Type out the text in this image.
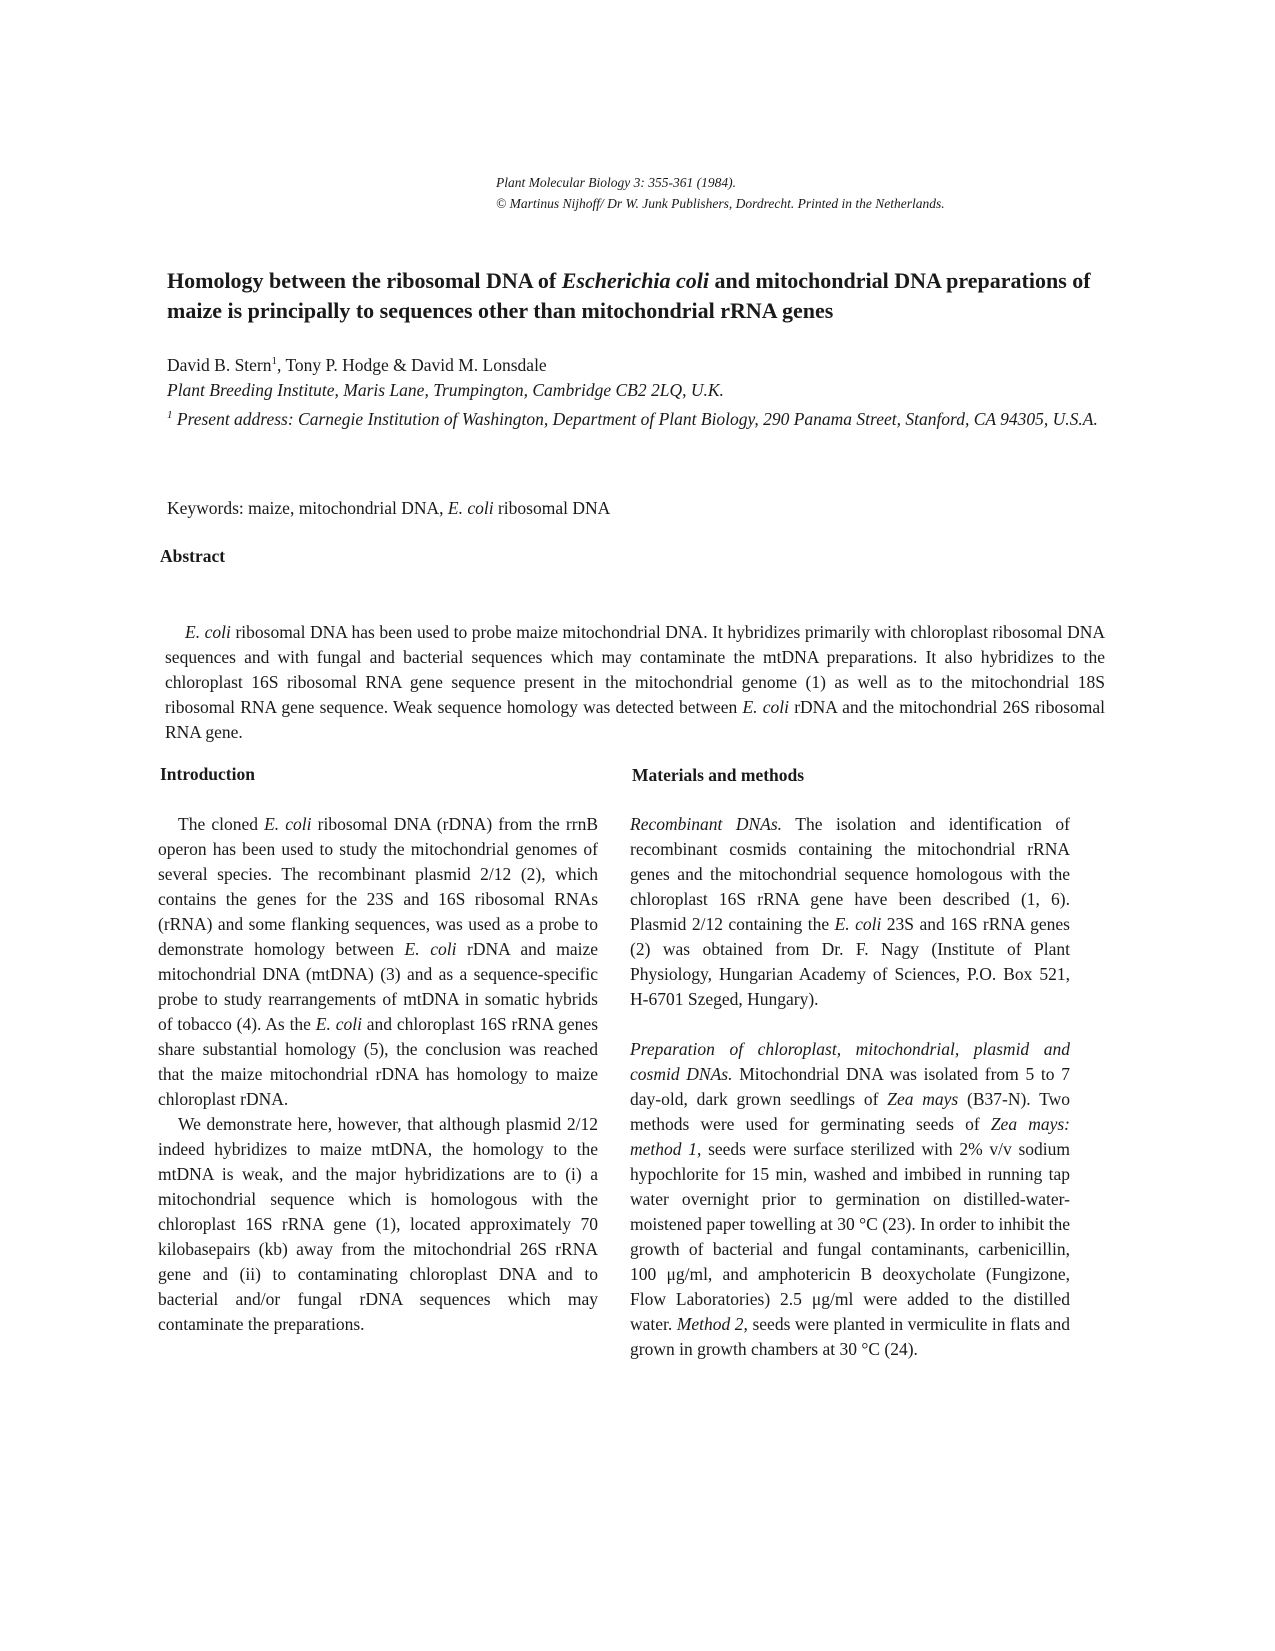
Plant Molecular Biology 3: 355-361 (1984).
© Martinus Nijhoff/ Dr W. Junk Publishers, Dordrecht. Printed in the Netherlands.
Homology between the ribosomal DNA of Escherichia coli and mitochondrial DNA preparations of maize is principally to sequences other than mitochondrial rRNA genes
David B. Stern$^1$, Tony P. Hodge & David M. Lonsdale
Plant Breeding Institute, Maris Lane, Trumpington, Cambridge CB2 2LQ, U.K.
$^1$ Present address: Carnegie Institution of Washington, Department of Plant Biology, 290 Panama Street, Stanford, CA 94305, U.S.A.
Keywords: maize, mitochondrial DNA, E. coli ribosomal DNA
Abstract

E. coli ribosomal DNA has been used to probe maize mitochondrial DNA. It hybridizes primarily with chloroplast ribosomal DNA sequences and with fungal and bacterial sequences which may contaminate the mtDNA preparations. It also hybridizes to the chloroplast 16S ribosomal RNA gene sequence present in the mitochondrial genome (1) as well as to the mitochondrial 18S ribosomal RNA gene sequence. Weak sequence homology was detected between E. coli rDNA and the mitochondrial 26S ribosomal RNA gene.

Introduction

The cloned E. coli ribosomal DNA (rDNA) from the rrnB operon has been used to study the mitochondrial genomes of several species. The recombinant plasmid 2/12 (2), which contains the genes for the 23S and 16S ribosomal RNAs (rRNA) and some flanking sequences, was used as a probe to demonstrate homology between E. coli rDNA and maize mitochondrial DNA (mtDNA) (3) and as a sequence-specific probe to study rearrangements of mtDNA in somatic hybrids of tobacco (4). As the E. coli and chloroplast 16S rRNA genes share substantial homology (5), the conclusion was reached that the maize mitochondrial rDNA has homology to maize chloroplast rDNA.

We demonstrate here, however, that although plasmid 2/12 indeed hybridizes to maize mtDNA, the homology to the mtDNA is weak, and the major hybridizations are to (i) a mitochondrial sequence which is homologous with the chloroplast 16S rRNA gene (1), located approximately 70 kilobasepairs (kb) away from the mitochondrial 26S rRNA gene and (ii) to contaminating chloroplast DNA and to bacterial and/or fungal rDNA sequences which may contaminate the preparations.

Materials and methods

Recombinant DNAs. The isolation and identification of recombinant cosmids containing the mitochondrial rRNA genes and the mitochondrial sequence homologous with the chloroplast 16S rRNA gene have been described (1, 6). Plasmid 2/12 containing the E. coli 23S and 16S rRNA genes (2) was obtained from Dr. F. Nagy (Institute of Plant Physiology, Hungarian Academy of Sciences, P.O. Box 521, H-6701 Szeged, Hungary).

Preparation of chloroplast, mitochondrial, plasmid and cosmid DNAs. Mitochondrial DNA was isolated from 5 to 7 day-old, dark grown seedlings of Zea mays (B37-N). Two methods were used for germinating seeds of Zea mays: method 1, seeds were surface sterilized with 2% v/v sodium hypochlorite for 15 min, washed and imbibed in running tap water overnight prior to germination on distilled-water-moistened paper towelling at 30 °C (23). In order to inhibit the growth of bacterial and fungal contaminants, carbenicillin, 100 μg/ml, and amphotericin B deoxycholate (Fungizone, Flow Laboratories) 2.5 μg/ml were added to the distilled water. Method 2, seeds were planted in vermiculite in flats and grown in growth chambers at 30 °C (24).
